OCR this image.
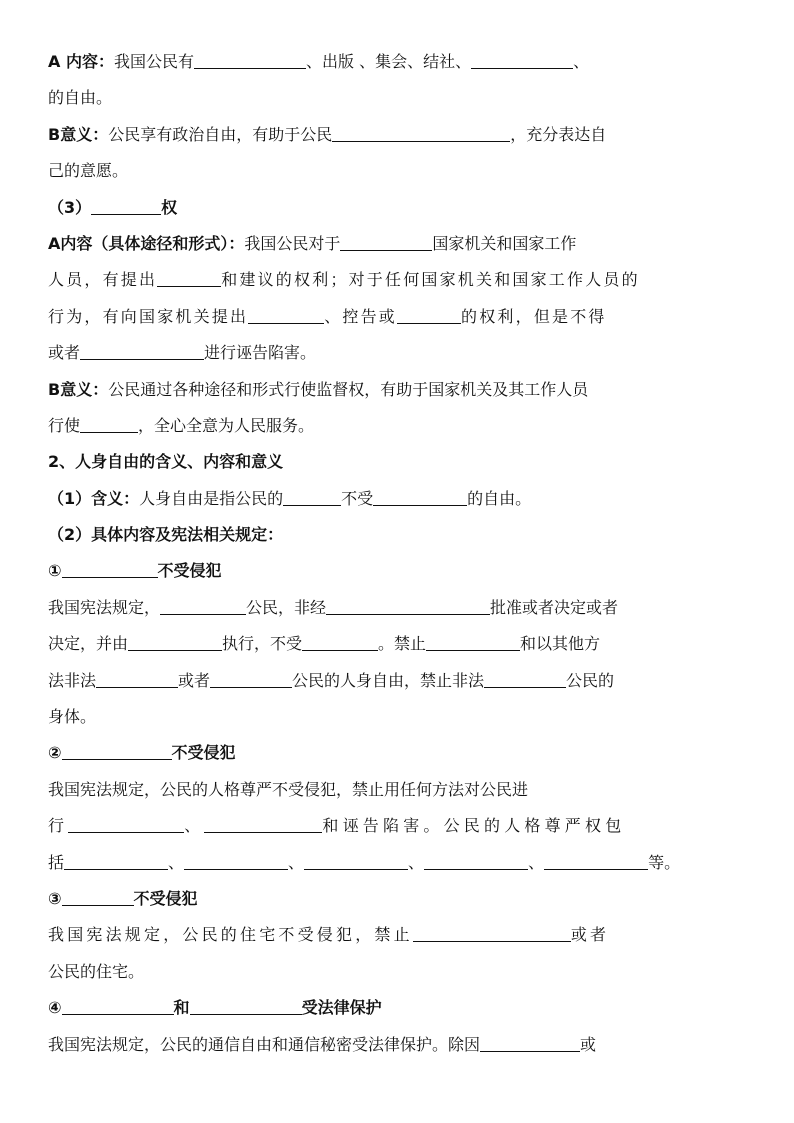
A 内容：我国公民有	、出版 、集会、结社、	、
的自由。
B意义：公民享有政治自由，有助于公民	，充分表达自
己的意愿。
（3）	权
A内容（具体途径和形式）：我国公民对于	国家机关和国家工作
人员，有提出	和建议的权利；对于任何国家机关和国家工作人员的
行为，有向国家机关提出	、控告或	的权利，但是不得
或者	进行诬告陷害。
B意义：公民通过各种途径和形式行使监督权，有助于国家机关及其工作人员
行使	，全心全意为人民服务。
2、人身自由的含义、内容和意义
（1）含义：人身自由是指公民的	不受	的自由。
（2）具体内容及宪法相关规定：
①	不受侵犯
我国宪法规定，	公民，非经	批准或者决定或者
决定，并由	执行，不受	。禁止	和以其他方
法非法	或者	公民的人身自由，禁止非法	公民的
身体。
②	不受侵犯
我国宪法规定，公民的人格尊严不受侵犯，禁止用任何方法对公民进
行	、	和诬告陷害。公民的人格尊严权包
括	、	、	、	、	等。
③	不受侵犯
我国宪法规定，公民的住宅不受侵犯，禁止	或者
公民的住宅。
④	和	受法律保护
我国宪法规定，公民的通信自由和通信秘密受法律保护。除因	或
